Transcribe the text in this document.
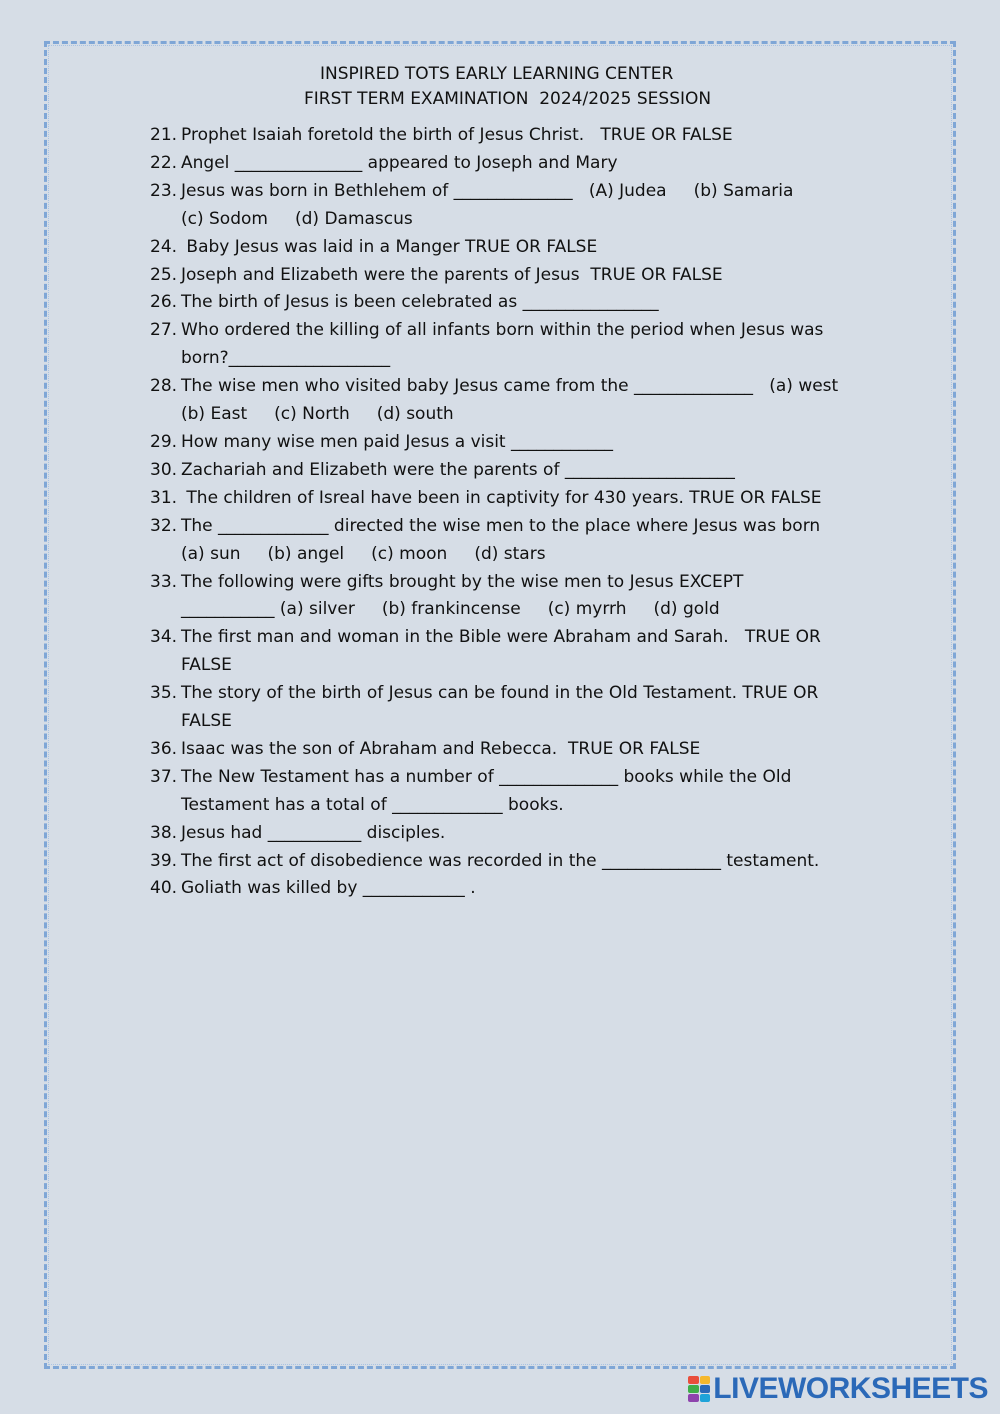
INSPIRED TOTS EARLY LEARNING CENTER
FIRST TERM EXAMINATION  2024/2025 SESSION
21. Prophet Isaiah foretold the birth of Jesus Christ.   TRUE OR FALSE
22. Angel _______________ appeared to Joseph and Mary
23. Jesus was born in Bethlehem of ______________   (A) Judea     (b) Samaria
(c) Sodom     (d) Damascus
24. Baby Jesus was laid in a Manger TRUE OR FALSE
25. Joseph and Elizabeth were the parents of Jesus  TRUE OR FALSE
26. The birth of Jesus is been celebrated as ________________
27. Who ordered the killing of all infants born within the period when Jesus was
born?___________________
28. The wise men who visited baby Jesus came from the ______________   (a) west
(b) East     (c) North     (d) south
29. How many wise men paid Jesus a visit ____________
30. Zachariah and Elizabeth were the parents of ____________________
31. The children of Isreal have been in captivity for 430 years. TRUE OR FALSE
32. The _____________ directed the wise men to the place where Jesus was born
(a) sun     (b) angel     (c) moon     (d) stars
33. The following were gifts brought by the wise men to Jesus EXCEPT
___________ (a) silver     (b) frankincense     (c) myrrh     (d) gold
34. The first man and woman in the Bible were Abraham and Sarah.   TRUE OR
FALSE
35. The story of the birth of Jesus can be found in the Old Testament. TRUE OR
FALSE
36. Isaac was the son of Abraham and Rebecca.  TRUE OR FALSE
37. The New Testament has a number of ______________ books while the Old
Testament has a total of _____________ books.
38. Jesus had ___________ disciples.
39. The first act of disobedience was recorded in the ______________ testament.
40. Goliath was killed by ____________ .
LIVEWORKSHEETS
